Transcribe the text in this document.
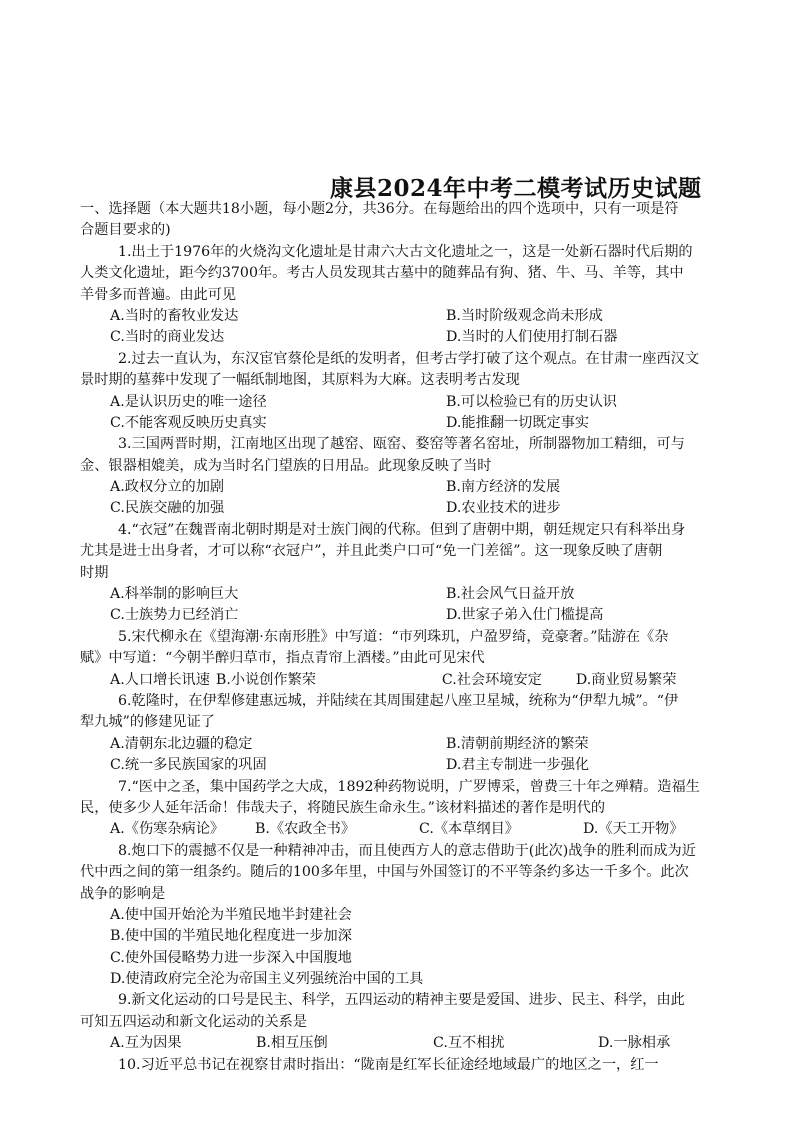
康县2024年中考二模考试历史试题
一、选择题（本大题共18小题，每小题2分，共36分。在每题给出的四个选项中，只有一项是符
合题目要求的)
1.出土于1976年的火烧沟文化遗址是甘肃六大古文化遗址之一，这是一处新石器时代后期的
人类文化遗址，距今约3700年。考古人员发现其古墓中的随葬品有狗、猪、牛、马、羊等，其中
羊骨多而普遍。由此可见
A.当时的畜牧业发达	B.当时阶级观念尚未形成
C.当时的商业发达	D.当时的人们使用打制石器
2.过去一直认为，东汉宦官蔡伦是纸的发明者，但考古学打破了这个观点。在甘肃一座西汉文
景时期的墓葬中发现了一幅纸制地图，其原料为大麻。这表明考古发现
A.是认识历史的唯一途径	B.可以检验已有的历史认识
C.不能客观反映历史真实	D.能推翻一切既定事实
3.三国两晋时期，江南地区出现了越窑、瓯窑、婺窑等著名窑址，所制器物加工精细，可与
金、银器相媲美，成为当时名门望族的日用品。此现象反映了当时
A.政权分立的加剧	B.南方经济的发展
C.民族交融的加强	D.农业技术的进步
4.“衣冠”在魏晋南北朝时期是对士族门阀的代称。但到了唐朝中期，朝廷规定只有科举出身
尤其是进士出身者，才可以称“衣冠户”，并且此类户口可“免一门差徭”。这一现象反映了唐朝
时期
A.科举制的影响巨大	B.社会风气日益开放
C.士族势力已经消亡	D.世家子弟入仕门槛提高
5.宋代柳永在《望海潮·东南形胜》中写道：“市列珠玑，户盈罗绮，竞豪奢。”陆游在《杂
赋》中写道：“今朝半醉归草市，指点青帘上酒楼。”由此可见宋代
A.人口增长讯速 B.小说创作繁荣	C.社会环境安定	D.商业贸易繁荣
6.乾隆时，在伊犁修建惠远城，并陆续在其周围建起八座卫星城，统称为“伊犁九城”。“伊
犁九城”的修建见证了
A.清朝东北边疆的稳定	B.清朝前期经济的繁荣
C.统一多民族国家的巩固	D.君主专制进一步强化
7.“医中之圣，集中国药学之大成，1892种药物说明，广罗博采，曾费三十年之殚精。造福生
民，使多少人延年活命！伟哉夫子，将随民族生命永生。”该材料描述的著作是明代的
A.《伤寒杂病论》	B.《农政全书》	C.《本草纲目》	D.《天工开物》
8.炮口下的震撼不仅是一种精神冲击，而且使西方人的意志借助于(此次)战争的胜利而成为近
代中西之间的第一组条约。随后的100多年里，中国与外国签订的不平等条约多达一千多个。此次
战争的影响是
A.使中国开始沦为半殖民地半封建社会
B.使中国的半殖民地化程度进一步加深
C.使外国侵略势力进一步深入中国腹地
D.使清政府完全沦为帝国主义列强统治中国的工具
9.新文化运动的口号是民主、科学，五四运动的精神主要是爱国、进步、民主、科学，由此
可知五四运动和新文化运动的关系是
A.互为因果	B.相互压倒	C.互不相扰	D.一脉相承
10.习近平总书记在视察甘肃时指出：“陇南是红军长征途经地域最广的地区之一，红一
